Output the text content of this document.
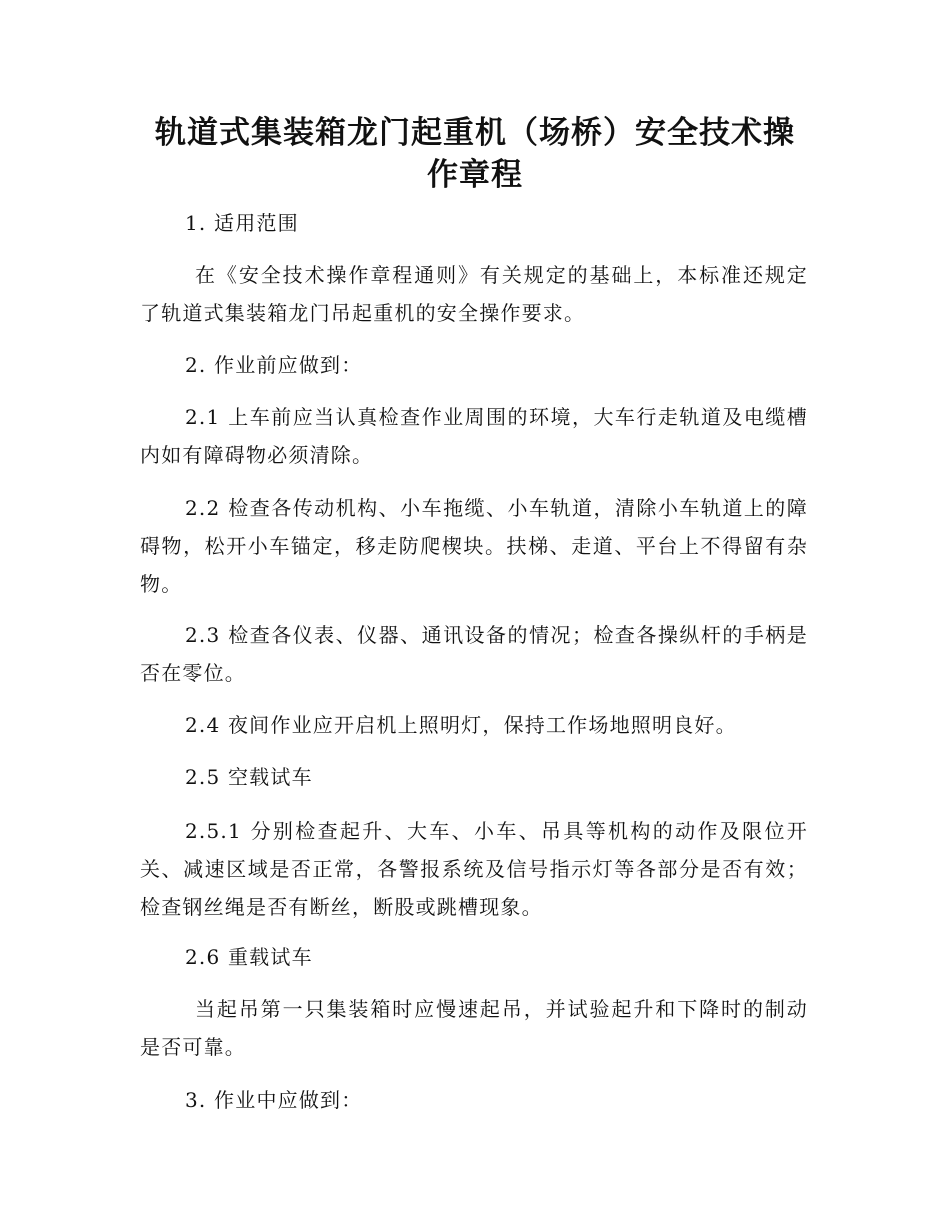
轨道式集装箱龙门起重机（场桥）安全技术操作章程

1. 适用范围

在《安全技术操作章程通则》有关规定的基础上，本标准还规定了轨道式集装箱龙门吊起重机的安全操作要求。

2. 作业前应做到：

2.1 上车前应当认真检查作业周围的环境，大车行走轨道及电缆槽内如有障碍物必须清除。

2.2 检查各传动机构、小车拖缆、小车轨道，清除小车轨道上的障碍物，松开小车锚定，移走防爬楔块。扶梯、走道、平台上不得留有杂物。

2.3 检查各仪表、仪器、通讯设备的情况；检查各操纵杆的手柄是否在零位。

2.4 夜间作业应开启机上照明灯，保持工作场地照明良好。

2.5 空载试车

2.5.1 分别检查起升、大车、小车、吊具等机构的动作及限位开关、减速区域是否正常，各警报系统及信号指示灯等各部分是否有效；检查钢丝绳是否有断丝，断股或跳槽现象。

2.6 重载试车

当起吊第一只集装箱时应慢速起吊，并试验起升和下降时的制动是否可靠。

3. 作业中应做到：
